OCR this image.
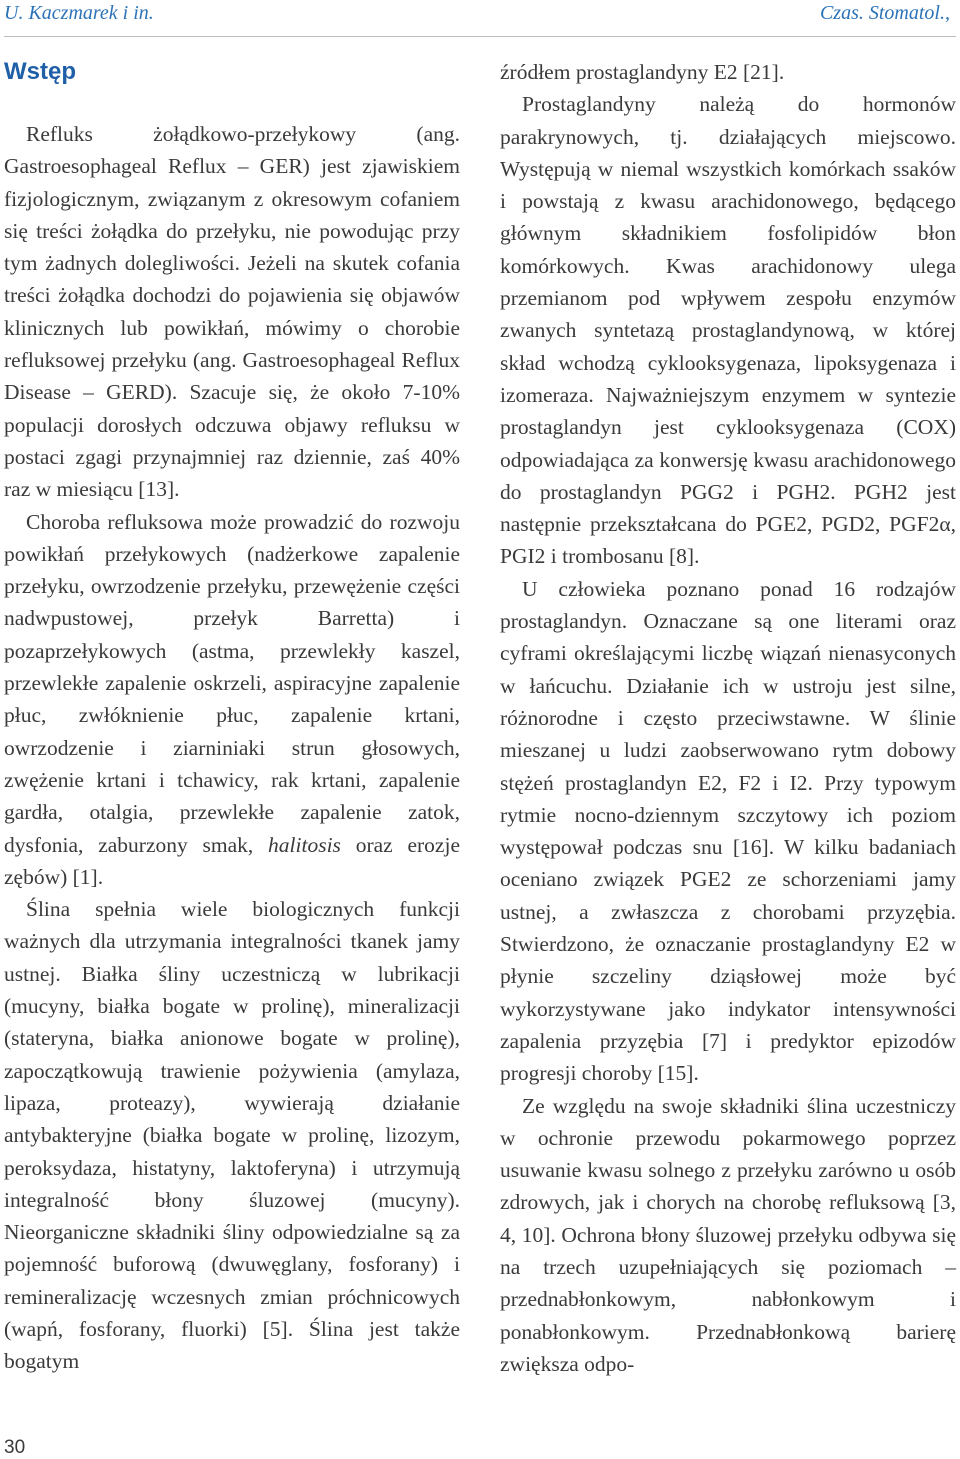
U. Kaczmarek i in.	Czas. Stomatol.,
Wstęp

Refluks żołądkowo-przełykowy (ang. Gastroesophageal Reflux – GER) jest zjawiskiem fizjologicznym, związanym z okresowym cofaniem się treści żołądka do przełyku, nie powodując przy tym żadnych dolegliwości. Jeżeli na skutek cofania treści żołądka dochodzi do pojawienia się objawów klinicznych lub powikłań, mówimy o chorobie refluksowej przełyku (ang. Gastroesophageal Reflux Disease – GERD). Szacuje się, że około 7-10% populacji dorosłych odczuwa objawy refluksu w postaci zgagi przynajmniej raz dziennie, zaś 40% raz w miesiącu [13].

Choroba refluksowa może prowadzić do rozwoju powikłań przełykowych (nadżerkowe zapalenie przełyku, owrzodzenie przełyku, przewężenie części nadwpustowej, przełyk Barretta) i pozaprzełykowych (astma, przewlekły kaszel, przewlekłe zapalenie oskrzeli, aspiracyjne zapalenie płuc, zwłóknienie płuc, zapalenie krtani, owrzodzenie i ziarniniaki strun głosowych, zwężenie krtani i tchawicy, rak krtani, zapalenie gardła, otalgia, przewlekłe zapalenie zatok, dysfonia, zaburzony smak, halitosis oraz erozje zębów) [1].

Ślina spełnia wiele biologicznych funkcji ważnych dla utrzymania integralności tkanek jamy ustnej. Białka śliny uczestniczą w lubrikacji (mucyny, białka bogate w prolinę), mineralizacji (stateryna, białka anionowe bogate w prolinę), zapoczątkowują trawienie pożywienia (amylaza, lipaza, proteazy), wywierają działanie antybakteryjne (białka bogate w prolinę, lizozym, peroksydaza, histatyny, laktoferyna) i utrzymują integralność błony śluzowej (mucyny). Nieorganiczne składniki śliny odpowiedzialne są za pojemność buforową (dwuwęglany, fosforany) i remineralizację wczesnych zmian próchnicowych (wapń, fosforany, fluorki) [5]. Ślina jest także bogatym

źródłem prostaglandyny E2 [21].

Prostaglandyny należą do hormonów parakrynowych, tj. działających miejscowo. Występują w niemal wszystkich komórkach ssaków i powstają z kwasu arachidonowego, będącego głównym składnikiem fosfolipidów błon komórkowych. Kwas arachidonowy ulega przemianom pod wpływem zespołu enzymów zwanych syntetazą prostaglandynową, w której skład wchodzą cyklooksygenaza, lipoksygenaza i izomeraza. Najważniejszym enzymem w syntezie prostaglandyn jest cyklooksygenaza (COX) odpowiadająca za konwersję kwasu arachidonowego do prostaglandyn PGG2 i PGH2. PGH2 jest następnie przekształcana do PGE2, PGD2, PGF2α, PGI2 i trombosanu [8].

U człowieka poznano ponad 16 rodzajów prostaglandyn. Oznaczane są one literami oraz cyframi określającymi liczbę wiązań nienasyconych w łańcuchu. Działanie ich w ustroju jest silne, różnorodne i często przeciwstawne. W ślinie mieszanej u ludzi zaobserwowano rytm dobowy stężeń prostaglandyn E2, F2 i I2. Przy typowym rytmie nocno-dziennym szczytowy ich poziom występował podczas snu [16]. W kilku badaniach oceniano związek PGE2 ze schorzeniami jamy ustnej, a zwłaszcza z chorobami przyzębia. Stwierdzono, że oznaczanie prostaglandyny E2 w płynie szczeliny dziąsłowej może być wykorzystywane jako indykator intensywności zapalenia przyzębia [7] i predyktor epizodów progresji choroby [15].

Ze względu na swoje składniki ślina uczestniczy w ochronie przewodu pokarmowego poprzez usuwanie kwasu solnego z przełyku zarówno u osób zdrowych, jak i chorych na chorobę refluksową [3, 4, 10]. Ochrona błony śluzowej przełyku odbywa się na trzech uzupełniających się poziomach – przednabłonkowym, nabłonkowym i ponabłonkowym. Przednabłonkową barierę zwiększa odpo-

30
